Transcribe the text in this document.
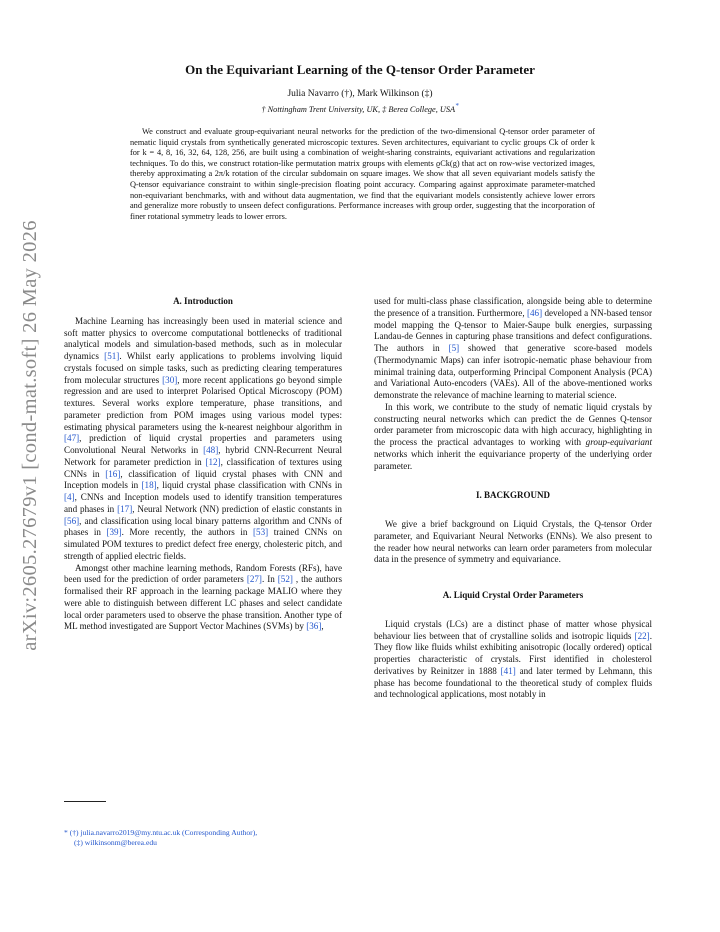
arXiv:2605.27679v1 [cond-mat.soft] 26 May 2026
On the Equivariant Learning of the Q-tensor Order Parameter
Julia Navarro (†), Mark Wilkinson (‡)
† Nottingham Trent University, UK, ‡ Berea College, USA*

We construct and evaluate group-equivariant neural networks for the prediction of the two-dimensional Q-tensor order parameter of nematic liquid crystals from synthetically generated microscopic textures. Seven architectures, equivariant to cyclic groups Ck of order k for k = 4, 8, 16, 32, 64, 128, 256, are built using a combination of weight-sharing constraints, equivariant activations and regularization techniques. To do this, we construct rotation-like permutation matrix groups with elements ϱCk(g) that act on row-wise vectorized images, thereby approximating a 2π/k rotation of the circular subdomain on square images. We show that all seven equivariant models satisfy the Q-tensor equivariance constraint to within single-precision floating point accuracy. Comparing against approximate parameter-matched non-equivariant benchmarks, with and without data augmentation, we find that the equivariant models consistently achieve lower errors and generalize more robustly to unseen defect configurations. Performance increases with group order, suggesting that the incorporation of finer rotational symmetry leads to lower errors.

A. Introduction

Machine Learning has increasingly been used in material science and soft matter physics to overcome computational bottlenecks of traditional analytical models and simulation-based methods, such as in molecular dynamics [51]. Whilst early applications to problems involving liquid crystals focused on simple tasks, such as predicting clearing temperatures from molecular structures [30], more recent applications go beyond simple regression and are used to interpret Polarised Optical Microscopy (POM) textures. Several works explore temperature, phase transitions, and parameter prediction from POM images using various model types: estimating physical parameters using the k-nearest neighbour algorithm in [47], prediction of liquid crystal properties and parameters using Convolutional Neural Networks in [48], hybrid CNN-Recurrent Neural Network for parameter prediction in [12], classification of textures using CNNs in [16], classification of liquid crystal phases with CNN and Inception models in [18], liquid crystal phase classification with CNNs in [4], CNNs and Inception models used to identify transition temperatures and phases in [17], Neural Network (NN) prediction of elastic constants in [56], and classification using local binary patterns algorithm and CNNs of phases in [39]. More recently, the authors in [53] trained CNNs on simulated POM textures to predict defect free energy, cholesteric pitch, and strength of applied electric fields.

Amongst other machine learning methods, Random Forests (RFs), have been used for the prediction of order parameters [27]. In [52] , the authors formalised their RF approach in the learning package MALIO where they were able to distinguish between different LC phases and select candidate local order parameters used to observe the phase transition. Another type of ML method investigated are Support Vector Machines (SVMs) by [36],

used for multi-class phase classification, alongside being able to determine the presence of a transition. Furthermore, [46] developed a NN-based tensor model mapping the Q-tensor to Maier-Saupe bulk energies, surpassing Landau-de Gennes in capturing phase transitions and defect configurations. The authors in [5] showed that generative score-based models (Thermodynamic Maps) can infer isotropic-nematic phase behaviour from minimal training data, outperforming Principal Component Analysis (PCA) and Variational Auto-encoders (VAEs). All of the above-mentioned works demonstrate the relevance of machine learning to material science.

In this work, we contribute to the study of nematic liquid crystals by constructing neural networks which can predict the de Gennes Q-tensor order parameter from microscopic data with high accuracy, highlighting in the process the practical advantages to working with group-equivariant networks which inherit the equivariance property of the underlying order parameter.

I. BACKGROUND

We give a brief background on Liquid Crystals, the Q-tensor Order parameter, and Equivariant Neural Networks (ENNs). We also present to the reader how neural networks can learn order parameters from molecular data in the presence of symmetry and equivariance.

A. Liquid Crystal Order Parameters

Liquid crystals (LCs) are a distinct phase of matter whose physical behaviour lies between that of crystalline solids and isotropic liquids [22]. They flow like fluids whilst exhibiting anisotropic (locally ordered) optical properties characteristic of crystals. First identified in cholesterol derivatives by Reinitzer in 1888 [41] and later termed by Lehmann, this phase has become foundational to the theoretical study of complex fluids and technological applications, most notably in

* (†) julia.navarro2019@my.ntu.ac.uk (Corresponding Author),
(‡) wilkinsonm@berea.edu
